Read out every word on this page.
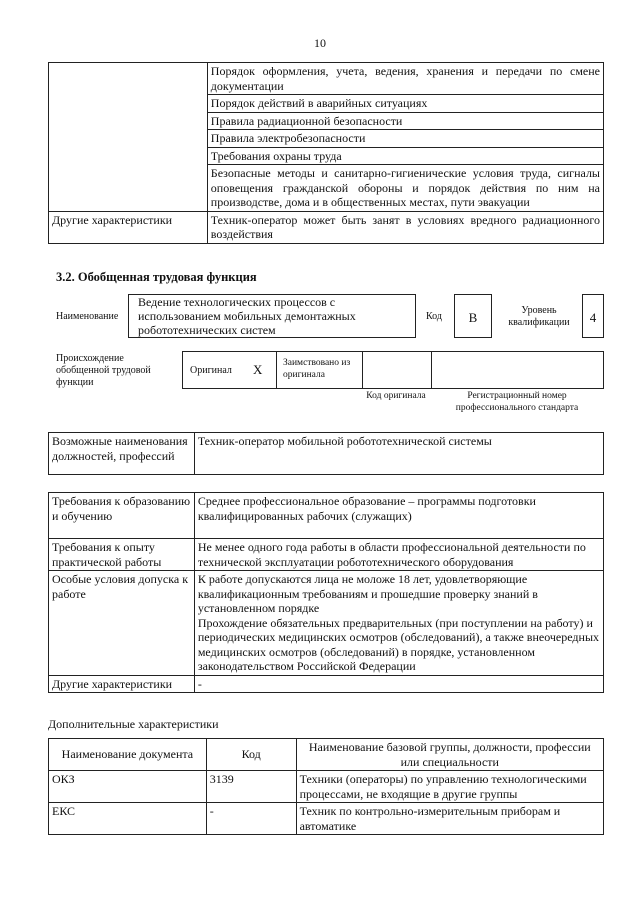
10
	Порядок оформления, учета, ведения, хранения и передачи по смене документации
	Порядок действий в аварийных ситуациях
	Правила радиационной безопасности
	Правила электробезопасности
	Требования охраны труда
	Безопасные методы и санитарно-гигиенические условия труда, сигналы оповещения гражданской обороны и порядок действия по ним на производстве, дома и в общественных местах, пути эвакуации
Другие характеристики	Техник-оператор может быть занят в условиях вредного радиационного воздействия
3.2. Обобщенная трудовая функция
Наименование
Ведение технологических процессов с использованием мобильных демонтажных робототехнических систем
Код	В	Уровень квалификации	4
Происхождение обобщенной трудовой функции
Оригинал X Заимствовано из оригинала
Код оригинала	Регистрационный номер профессионального стандарта
Возможные наименования должностей, профессий	Техник-оператор мобильной робототехнической системы
Требования к образованию и обучению	Среднее профессиональное образование – программы подготовки квалифицированных рабочих (служащих)
Требования к опыту практической работы	Не менее одного года работы в области профессиональной деятельности по технической эксплуатации робототехнического оборудования
Особые условия допуска к работе	К работе допускаются лица не моложе 18 лет, удовлетворяющие квалификационным требованиям и прошедшие проверку знаний в установленном порядке
Прохождение обязательных предварительных (при поступлении на работу) и периодических медицинских осмотров (обследований), а также внеочередных медицинских осмотров (обследований) в порядке, установленном законодательством Российской Федерации

Другие характеристики	-
Дополнительные характеристики
Наименование документа	Код	Наименование базовой группы, должности, профессии или специальности
ОКЗ	3139	Техники (операторы) по управлению технологическими процессами, не входящие в другие группы
ЕКС	-	Техник по контрольно-измерительным приборам и автоматике
